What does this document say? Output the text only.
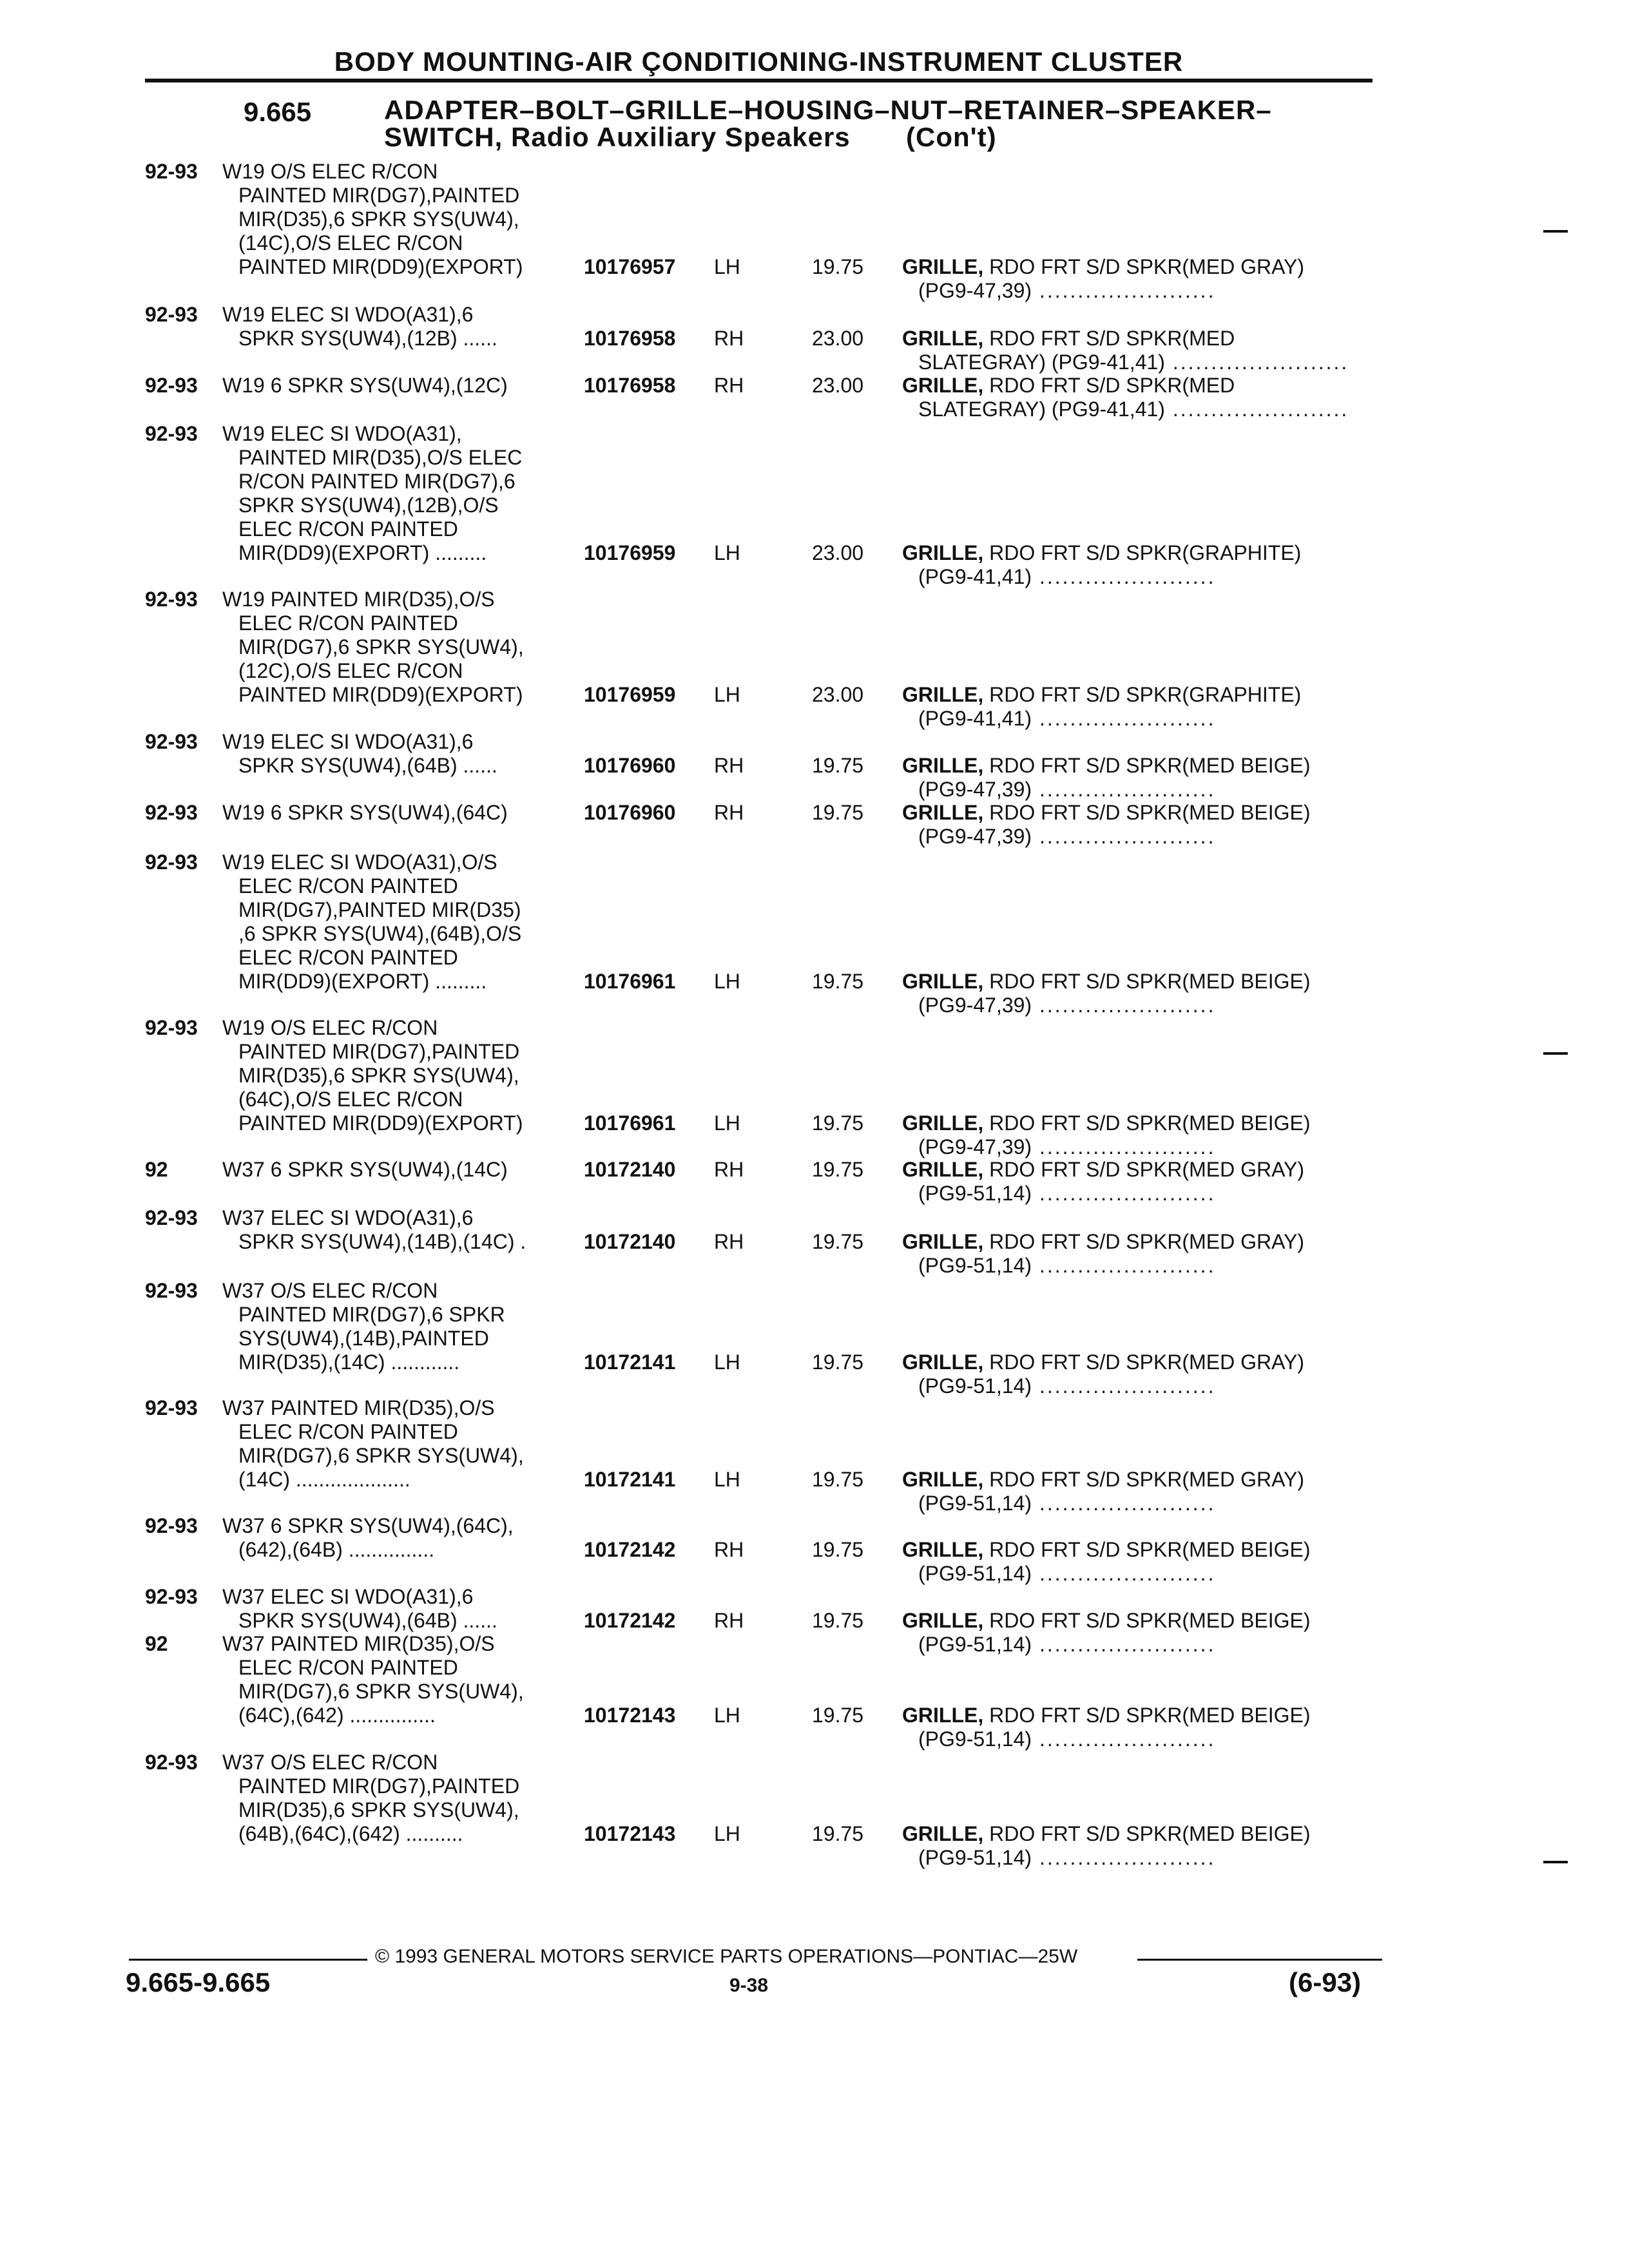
BODY MOUNTING-AIR ÇONDITIONING-INSTRUMENT CLUSTER
9.665	ADAPTER–BOLT–GRILLE–HOUSING–NUT–RETAINER–SPEAKER–
SWITCH, Radio Auxiliary Speakers	(Con't)
92-93 W19 O/S ELEC R/CON
PAINTED MIR(DG7),PAINTED
MIR(D35),6 SPKR SYS(UW4),
(14C),O/S ELEC R/CON
PAINTED MIR(DD9)(EXPORT)	10176957 LH	19.75 GRILLE, RDO FRT S/D SPKR(MED GRAY)
(PG9-47,39) .......................
92-93 W19 ELEC SI WDO(A31),6
SPKR SYS(UW4),(12B) ......	10176958 RH	23.00 GRILLE, RDO FRT S/D SPKR(MED
SLATEGRAY) (PG9-41,41) .......................
92-93 W19 6 SPKR SYS(UW4),(12C)	10176958 RH	23.00 GRILLE, RDO FRT S/D SPKR(MED
SLATEGRAY) (PG9-41,41) .......................
92-93 W19 ELEC SI WDO(A31),
PAINTED MIR(D35),O/S ELEC
R/CON PAINTED MIR(DG7),6
SPKR SYS(UW4),(12B),O/S
ELEC R/CON PAINTED
MIR(DD9)(EXPORT) .........	10176959 LH	23.00 GRILLE, RDO FRT S/D SPKR(GRAPHITE)
(PG9-41,41) .......................
92-93 W19 PAINTED MIR(D35),O/S
ELEC R/CON PAINTED
MIR(DG7),6 SPKR SYS(UW4),
(12C),O/S ELEC R/CON
PAINTED MIR(DD9)(EXPORT)	10176959 LH	23.00 GRILLE, RDO FRT S/D SPKR(GRAPHITE)
(PG9-41,41) .......................
92-93 W19 ELEC SI WDO(A31),6
SPKR SYS(UW4),(64B) ......	10176960 RH	19.75 GRILLE, RDO FRT S/D SPKR(MED BEIGE)
(PG9-47,39) .......................
92-93 W19 6 SPKR SYS(UW4),(64C)	10176960 RH	19.75 GRILLE, RDO FRT S/D SPKR(MED BEIGE)
(PG9-47,39) .......................
92-93 W19 ELEC SI WDO(A31),O/S
ELEC R/CON PAINTED
MIR(DG7),PAINTED MIR(D35)
,6 SPKR SYS(UW4),(64B),O/S
ELEC R/CON PAINTED
MIR(DD9)(EXPORT) .........	10176961 LH	19.75 GRILLE, RDO FRT S/D SPKR(MED BEIGE)
(PG9-47,39) .......................
92-93 W19 O/S ELEC R/CON
PAINTED MIR(DG7),PAINTED
MIR(D35),6 SPKR SYS(UW4),
(64C),O/S ELEC R/CON
PAINTED MIR(DD9)(EXPORT)	10176961 LH	19.75 GRILLE, RDO FRT S/D SPKR(MED BEIGE)
(PG9-47,39) .......................
92	W37 6 SPKR SYS(UW4),(14C)	10172140 RH	19.75 GRILLE, RDO FRT S/D SPKR(MED GRAY)
(PG9-51,14) .......................
92-93 W37 ELEC SI WDO(A31),6
SPKR SYS(UW4),(14B),(14C) .	10172140 RH	19.75 GRILLE, RDO FRT S/D SPKR(MED GRAY)
(PG9-51,14) .......................
92-93 W37 O/S ELEC R/CON
PAINTED MIR(DG7),6 SPKR
SYS(UW4),(14B),PAINTED
MIR(D35),(14C) ............	10172141 LH	19.75 GRILLE, RDO FRT S/D SPKR(MED GRAY)
(PG9-51,14) .......................
92-93 W37 PAINTED MIR(D35),O/S
ELEC R/CON PAINTED
MIR(DG7),6 SPKR SYS(UW4),
(14C) ....................	10172141 LH	19.75 GRILLE, RDO FRT S/D SPKR(MED GRAY)
(PG9-51,14) .......................
92-93 W37 6 SPKR SYS(UW4),(64C),
(642),(64B) ...............	10172142 RH	19.75 GRILLE, RDO FRT S/D SPKR(MED BEIGE)
(PG9-51,14) .......................
92-93 W37 ELEC SI WDO(A31),6
SPKR SYS(UW4),(64B) ......	10172142 RH	19.75 GRILLE, RDO FRT S/D SPKR(MED BEIGE)
(PG9-51,14) .......................
92	W37 PAINTED MIR(D35),O/S
ELEC R/CON PAINTED
MIR(DG7),6 SPKR SYS(UW4),
(64C),(642) ...............	10172143 LH	19.75 GRILLE, RDO FRT S/D SPKR(MED BEIGE)
(PG9-51,14) .......................
92-93 W37 O/S ELEC R/CON
PAINTED MIR(DG7),PAINTED
MIR(D35),6 SPKR SYS(UW4),
(64B),(64C),(642) ..........	10172143 LH	19.75 GRILLE, RDO FRT S/D SPKR(MED BEIGE)
(PG9-51,14) .......................
© 1993 GENERAL MOTORS SERVICE PARTS OPERATIONS—PONTIAC—25W
9.665-9.665	9-38	(6-93)
